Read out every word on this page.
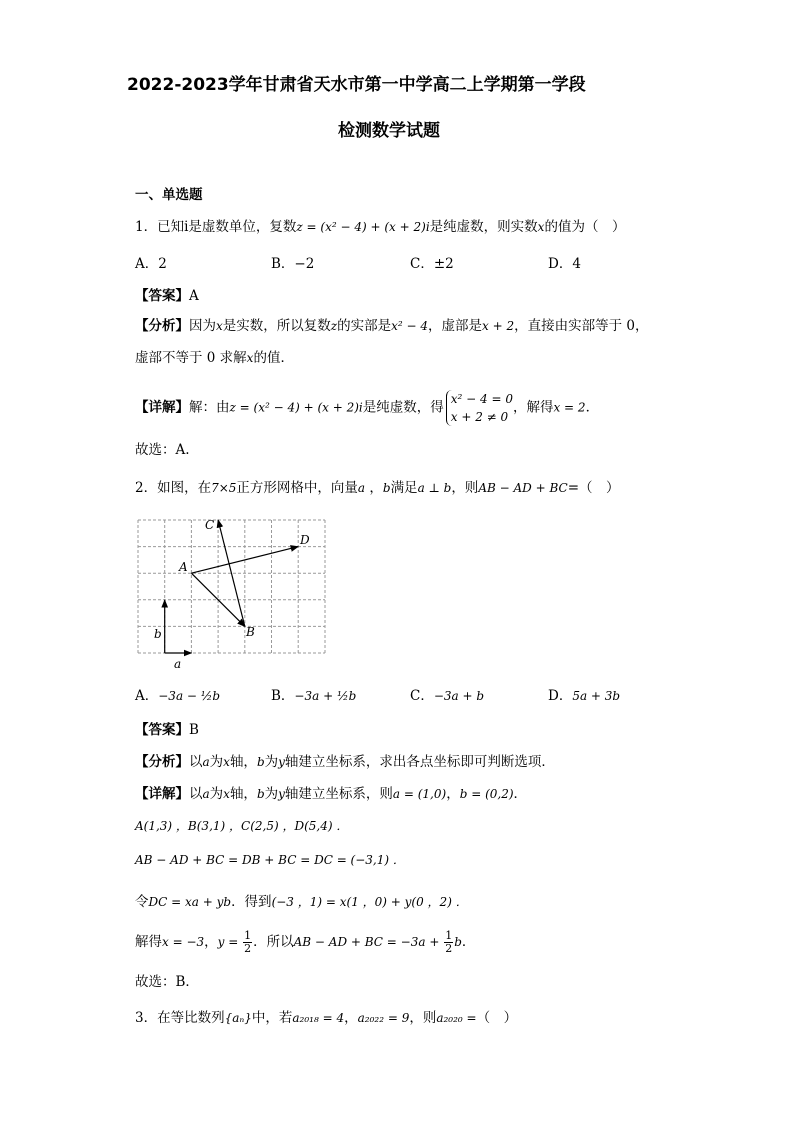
2022-2023学年甘肃省天水市第一中学高二上学期第一学段
检测数学试题
一、单选题
1．已知i是虚数单位，复数z = (x² − 4) + (x + 2)i是纯虚数，则实数x的值为（　）
A．2	B．−2	C．±2	D．4
【答案】A
【分析】因为x是实数，所以复数z的实部是x² − 4，虚部是x + 2，直接由实部等于 0，
虚部不等于 0 求解x的值．
【详解】解：由z = (x² − 4) + (x + 2)i是纯虚数，得
x² − 4 = 0
x + 2 ≠ 0
，解得x = 2．
故选：A.
2．如图，在7×5正方形网格中，向量a ，b满足a ⊥ b，则AB − AD + BC=（　）
A
B
C
D
b
a
A．−3a − ½b	B．−3a + ½b	C．−3a + b	D．5a + 3b
【答案】B
【分析】以a为x轴，b为y轴建立坐标系，求出各点坐标即可判断选项．
【详解】以a为x轴，b为y轴建立坐标系，则a = (1,0)，b = (0,2)．
A(1,3) ，B(3,1) ，C(2,5) ，D(5,4) ．
AB − AD + BC = DB + BC = DC = (−3,1) ．
令DC = xa + yb．得到(−3 ，1) = x(1 ，0) + y(0 ，2) ．
解得x = −3，$y = \frac{1}{2}$ ．所以AB − AD + BC = $-3a + \frac{1}{2}$ b．
故选：B．
3．在等比数列{aₙ}中，若a₂₀₁₈ = 4，a₂₀₂₂ = 9，则a₂₀₂₀ =（　）
